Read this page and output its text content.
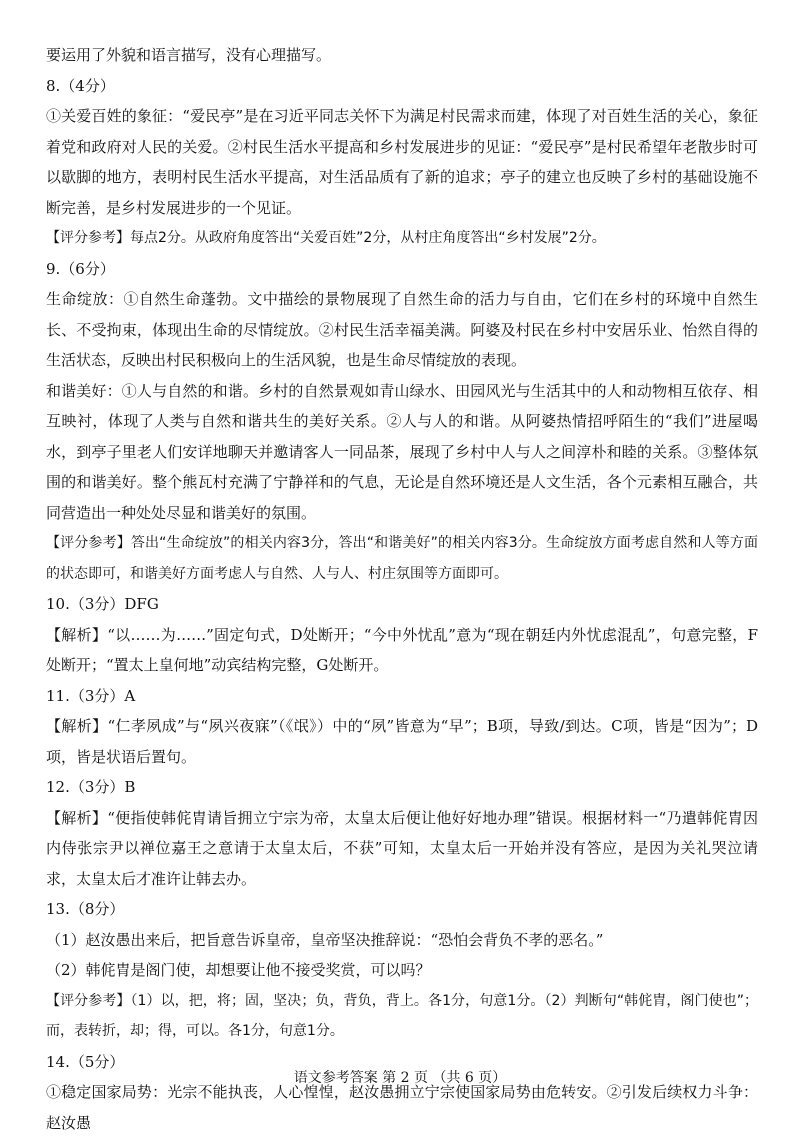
要运用了外貌和语言描写，没有心理描写。

8.（4分）

①关爱百姓的象征：“爱民亭”是在习近平同志关怀下为满足村民需求而建，体现了对百姓生活的关心，象征着党和政府对人民的关爱。②村民生活水平提高和乡村发展进步的见证：“爱民亭”是村民希望年老散步时可以歇脚的地方，表明村民生活水平提高，对生活品质有了新的追求；亭子的建立也反映了乡村的基础设施不断完善，是乡村发展进步的一个见证。

【评分参考】每点2分。从政府角度答出“关爱百姓”2分，从村庄角度答出“乡村发展”2分。

9.（6分）

生命绽放：①自然生命蓬勃。文中描绘的景物展现了自然生命的活力与自由，它们在乡村的环境中自然生长、不受拘束，体现出生命的尽情绽放。②村民生活幸福美满。阿婆及村民在乡村中安居乐业、怡然自得的生活状态，反映出村民积极向上的生活风貌，也是生命尽情绽放的表现。

和谐美好：①人与自然的和谐。乡村的自然景观如青山绿水、田园风光与生活其中的人和动物相互依存、相互映衬，体现了人类与自然和谐共生的美好关系。②人与人的和谐。从阿婆热情招呼陌生的“我们”进屋喝水，到亭子里老人们安详地聊天并邀请客人一同品茶，展现了乡村中人与人之间淳朴和睦的关系。③整体氛围的和谐美好。整个熊瓦村充满了宁静祥和的气息，无论是自然环境还是人文生活，各个元素相互融合，共同营造出一种处处尽显和谐美好的氛围。

【评分参考】答出“生命绽放”的相关内容3分，答出“和谐美好”的相关内容3分。生命绽放方面考虑自然和人等方面的状态即可，和谐美好方面考虑人与自然、人与人、村庄氛围等方面即可。

10.（3分）DFG

【解析】“以……为……”固定句式，D处断开；“今中外忧乱”意为“现在朝廷内外忧虑混乱”，句意完整，F处断开；“置太上皇何地”动宾结构完整，G处断开。

11.（3分）A

【解析】“仁孝夙成”与“夙兴夜寐”（《氓》）中的“夙”皆意为“早”；B项，导致/到达。C项，皆是“因为”；D项，皆是状语后置句。

12.（3分）B

【解析】“便指使韩侂胄请旨拥立宁宗为帝，太皇太后便让他好好地办理”错误。根据材料一“乃遣韩侂胄因内侍张宗尹以禅位嘉王之意请于太皇太后，不获”可知，太皇太后一开始并没有答应，是因为关礼哭泣请求，太皇太后才准许让韩去办。

13.（8分）

（1）赵汝愚出来后，把旨意告诉皇帝，皇帝坚决推辞说：“恐怕会背负不孝的恶名。”

（2）韩侂胄是阁门使，却想要让他不接受奖赏，可以吗？

【评分参考】（1）以，把，将；固，坚决；负，背负，背上。各1分，句意1分。（2）判断句“韩侂胄，阁门使也”；而，表转折，却；得，可以。各1分，句意1分。

14.（5分）

①稳定国家局势：光宗不能执丧，人心惶惶，赵汝愚拥立宁宗使国家局势由危转安。②引发后续权力斗争：赵汝愚

语文参考答案 第 2 页 （共 6 页）
